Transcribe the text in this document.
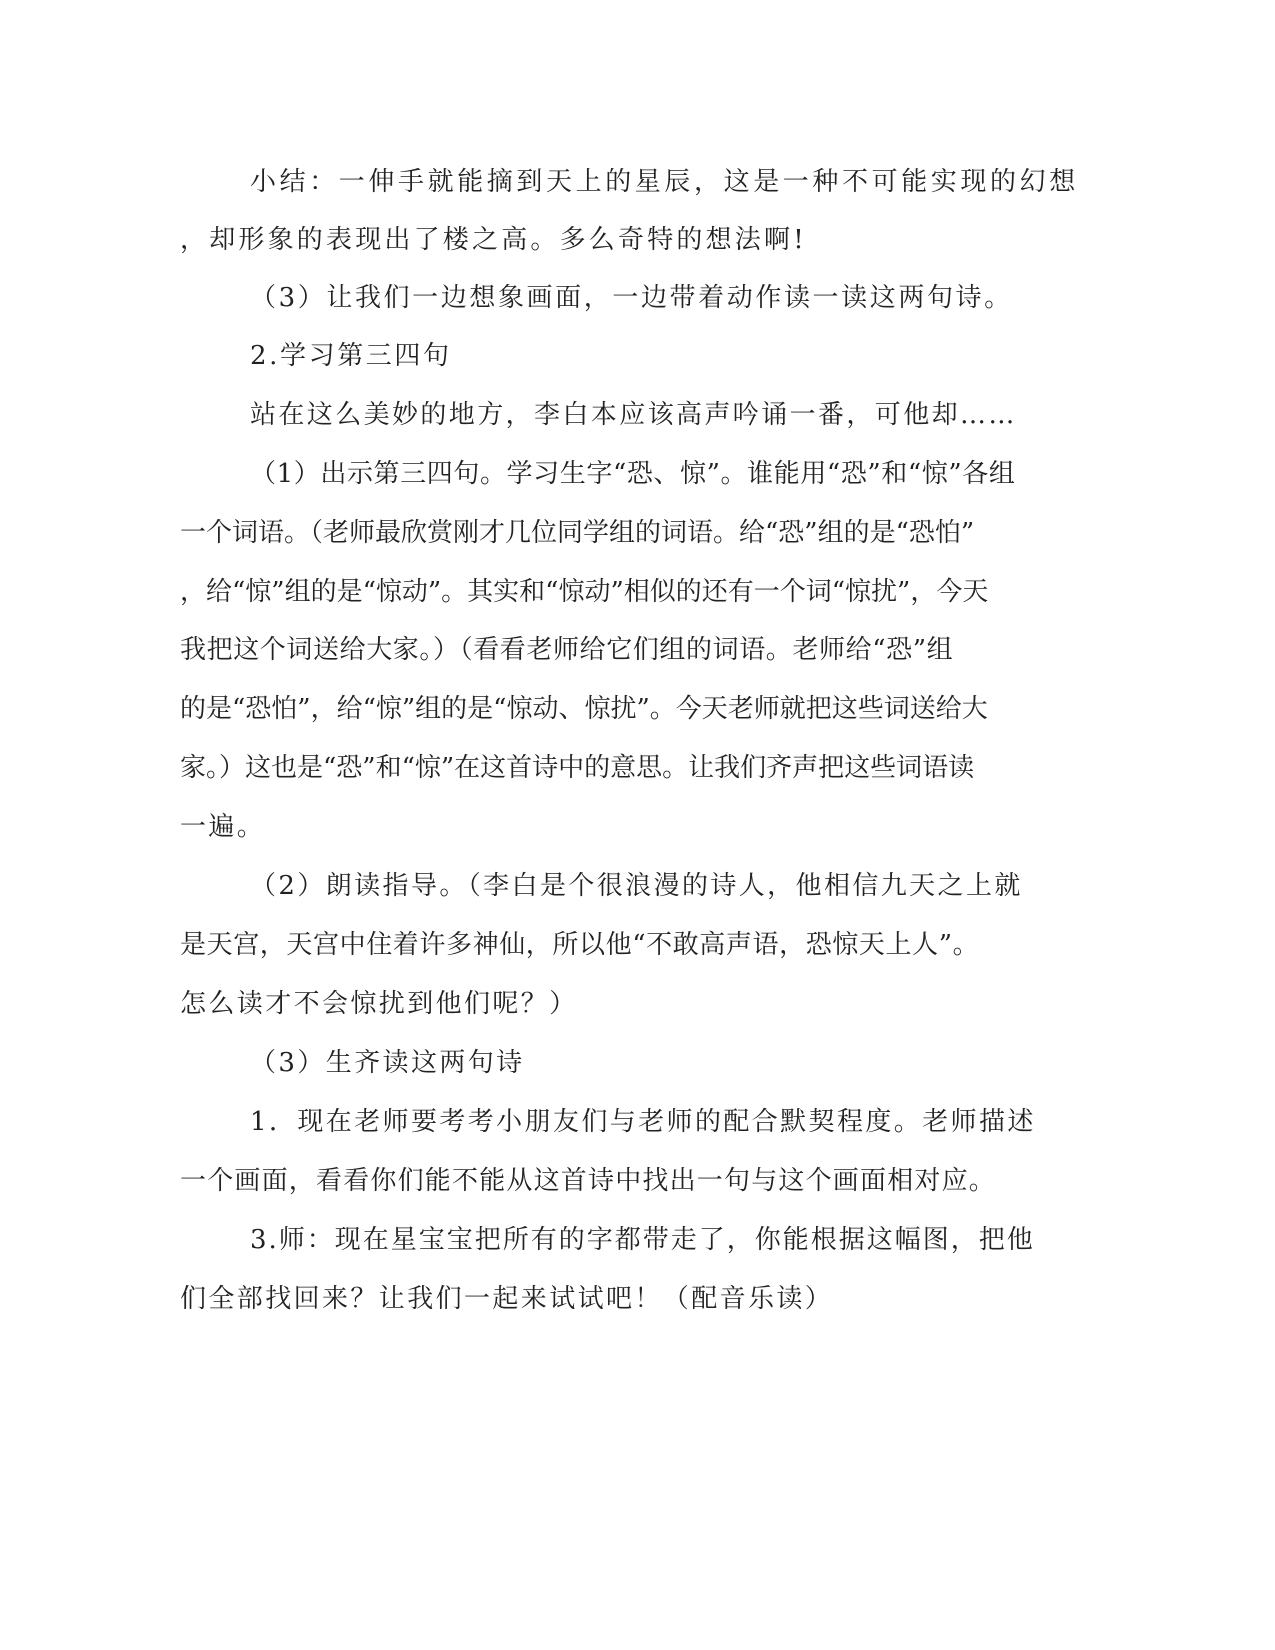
小结：一伸手就能摘到天上的星辰，这是一种不可能实现的幻想
，却形象的表现出了楼之高。多么奇特的想法啊!
（3）让我们一边想象画面，一边带着动作读一读这两句诗。
2.学习第三四句
站在这么美妙的地方，李白本应该高声吟诵一番，可他却……
（1）出示第三四句。学习生字“恐、惊”。谁能用“恐”和“惊”各组
一个词语。（老师最欣赏刚才几位同学组的词语。给“恐”组的是“恐怕”
，给“惊”组的是“惊动”。其实和“惊动”相似的还有一个词“惊扰”，今天
我把这个词送给大家。）（看看老师给它们组的词语。老师给“恐”组
的是“恐怕”，给“惊”组的是“惊动、惊扰”。今天老师就把这些词送给大
家。）这也是“恐”和“惊”在这首诗中的意思。让我们齐声把这些词语读
一遍。
（2）朗读指导。（李白是个很浪漫的诗人，他相信九天之上就
是天宫，天宫中住着许多神仙，所以他“不敢高声语，恐惊天上人”。
怎么读才不会惊扰到他们呢？）
（3）生齐读这两句诗
1．现在老师要考考小朋友们与老师的配合默契程度。老师描述
一个画面，看看你们能不能从这首诗中找出一句与这个画面相对应。
3.师：现在星宝宝把所有的字都带走了，你能根据这幅图，把他
们全部找回来？让我们一起来试试吧！（配音乐读）
